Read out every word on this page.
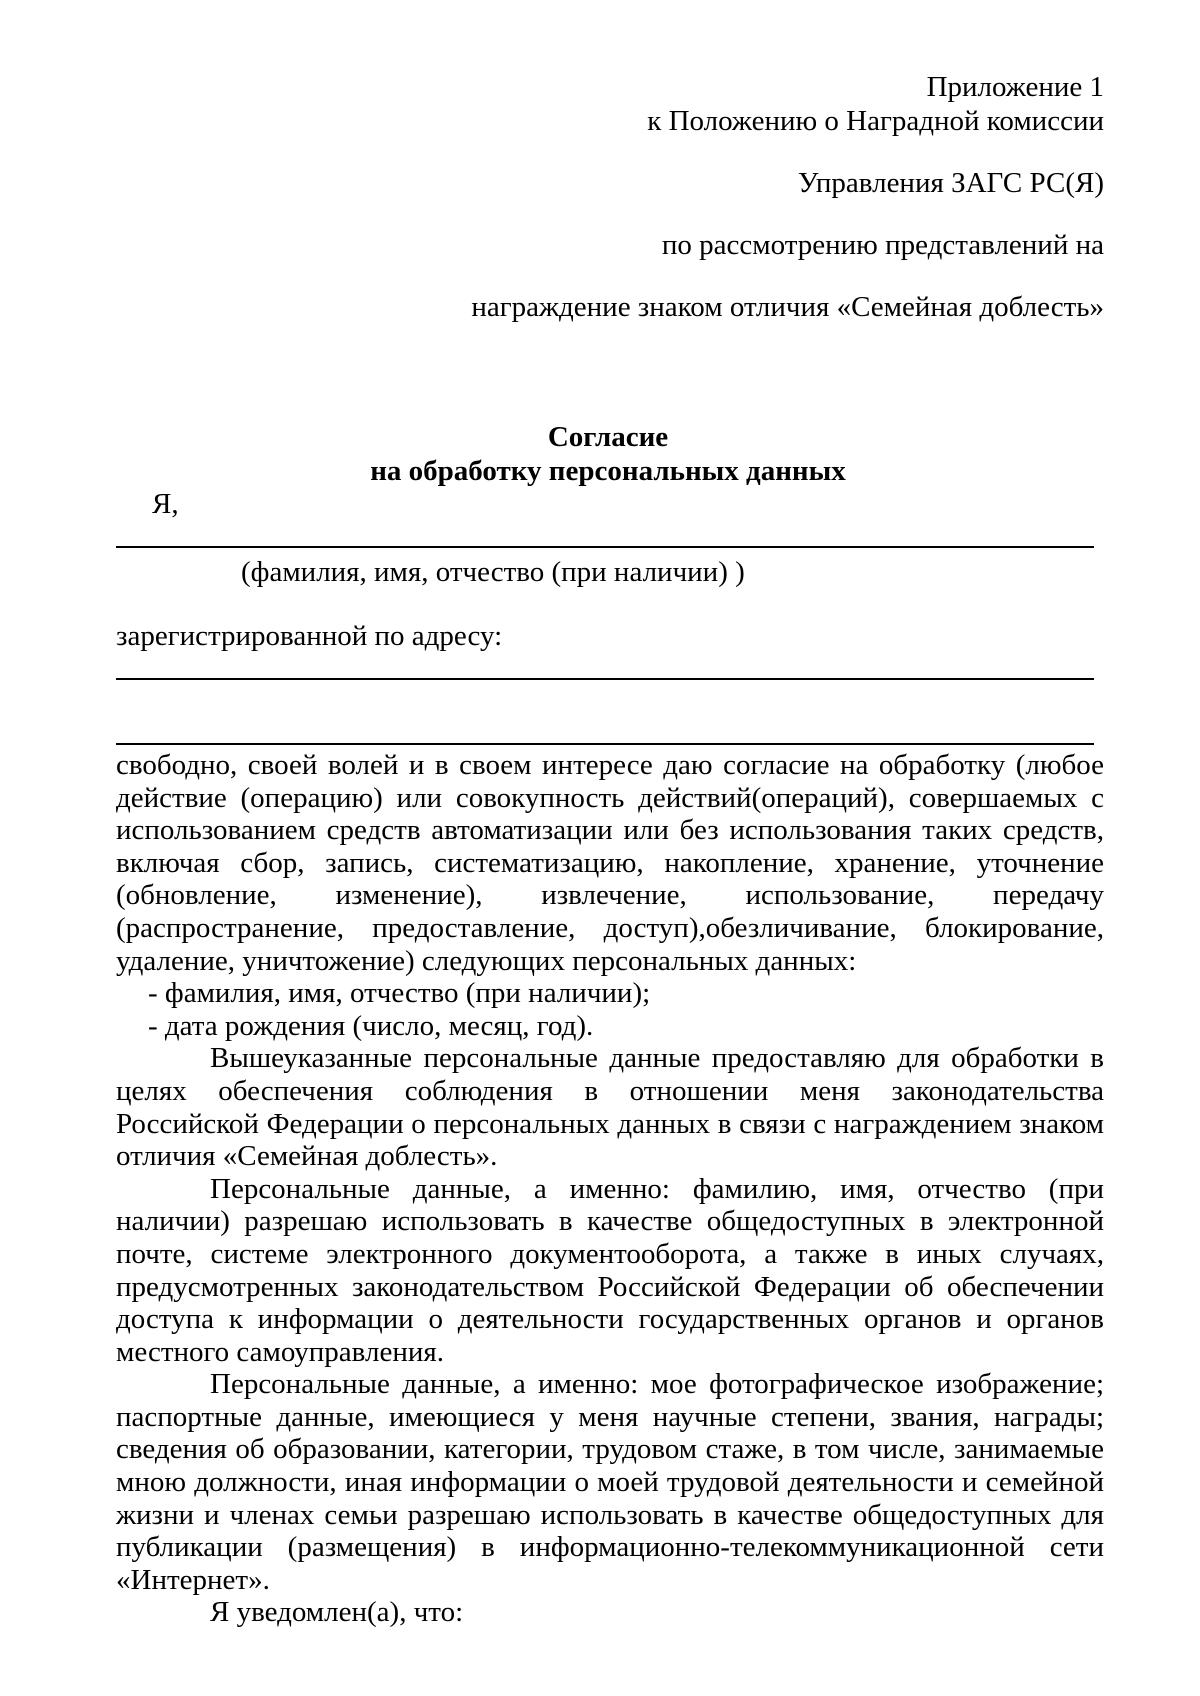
Приложение 1
к Положению о Наградной комиссии
Управления ЗАГС РС(Я)
по рассмотрению представлений на
награждение знаком отличия «Семейная доблесть»
Согласие
на обработку персональных данных
Я,
(фамилия, имя, отчество (при наличии) )
зарегистрированной по адресу:

свободно, своей волей и в своем интересе даю согласие на обработку (любое действие (операцию) или совокупность действий(операций), совершаемых с использованием средств автоматизации или без использования таких средств, включая сбор, запись, систематизацию, накопление, хранение, уточнение (обновление, изменение), извлечение, использование, передачу (распространение, предоставление, доступ),обезличивание, блокирование, удаление, уничтожение) следующих персональных данных:

- фамилия, имя, отчество (при наличии);

- дата рождения (число, месяц, год).

Вышеуказанные персональные данные предоставляю для обработки в целях обеспечения соблюдения в отношении меня законодательства Российской Федерации о персональных данных в связи с награждением знаком отличия «Семейная доблесть».

Персональные данные, а именно: фамилию, имя, отчество (при наличии) разрешаю использовать в качестве общедоступных в электронной почте, системе электронного документооборота, а также в иных случаях, предусмотренных законодательством Российской Федерации об обеспечении доступа к информации о деятельности государственных органов и органов местного самоуправления.

Персональные данные, а именно: мое фотографическое изображение; паспортные данные, имеющиеся у меня научные степени, звания, награды; сведения об образовании, категории, трудовом стаже, в том числе, занимаемые мною должности, иная информации о моей трудовой деятельности и семейной жизни и членах семьи разрешаю использовать в качестве общедоступных для публикации (размещения) в информационно-телекоммуникационной сети «Интернет».

Я уведомлен(а), что:
